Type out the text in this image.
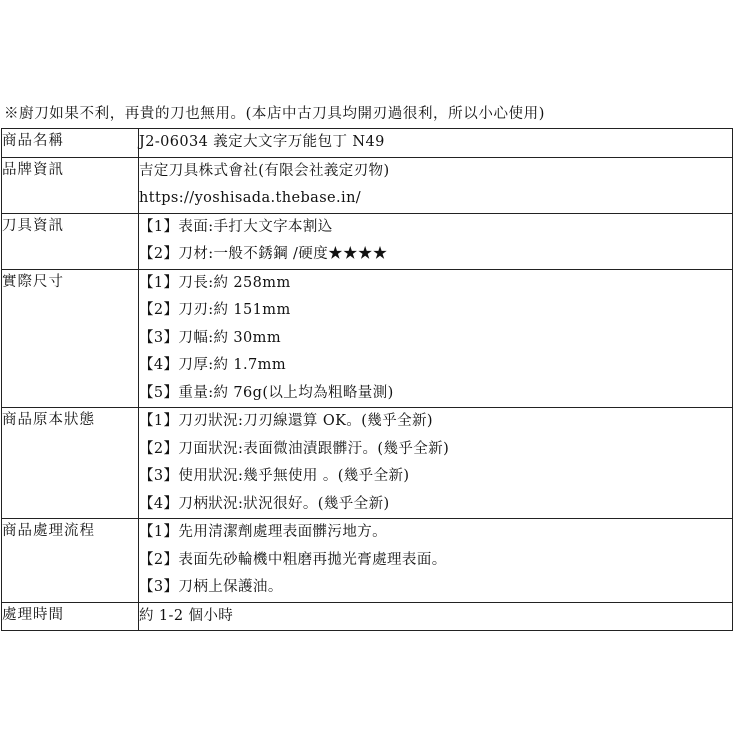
※廚刀如果不利，再貴的刀也無用。(本店中古刀具均開刃過很利，所以小心使用)
商品名稱	J2-06034 義定大文字万能包丁 N49

品牌資訊	吉定刀具株式會社(有限会社義定刃物)
https://yoshisada.thebase.in/

刀具資訊	【1】表面:手打大文字本割込
【2】刀材:一般不銹鋼 /硬度★★★★

實際尺寸	【1】刀長:約 258mm
【2】刀刃:約 151mm
【3】刀幅:約 30mm
【4】刀厚:約 1.7mm
【5】重量:約 76g(以上均為粗略量測)

商品原本狀態	【1】刀刃狀況:刀刃線還算 OK。(幾乎全新)
【2】刀面狀況:表面微油漬跟髒汙。(幾乎全新)
【3】使用狀況:幾乎無使用 。(幾乎全新)
【4】刀柄狀況:狀況很好。(幾乎全新)

商品處理流程	【1】先用清潔劑處理表面髒污地方。
【2】表面先砂輪機中粗磨再拋光膏處理表面。
【3】刀柄上保護油。

處理時間	約 1-2 個小時
